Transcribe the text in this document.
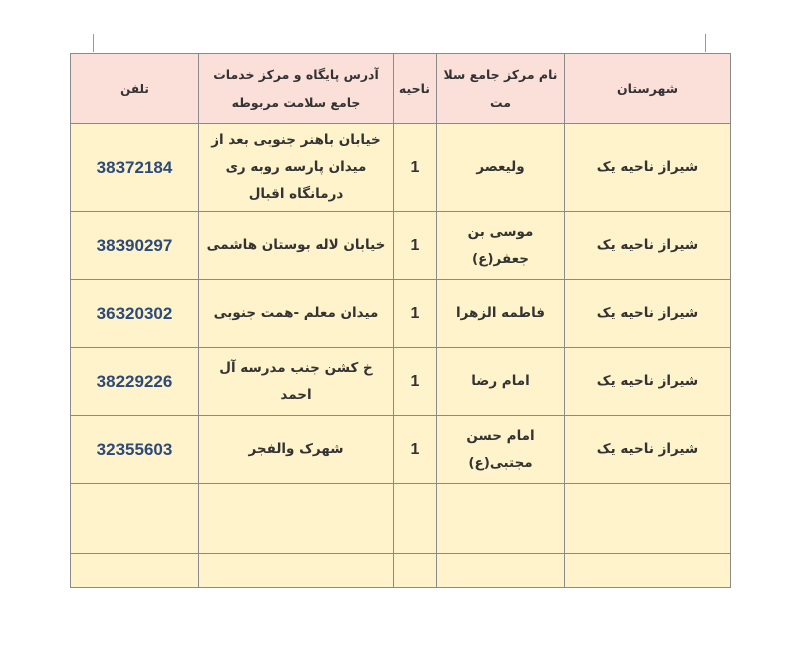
شهرستان	نام مرکز جامع سلا مت	ناحیه	آدرس پایگاه و مرکز خدمات جامع سلامت مربوطه	تلفن
شیراز ناحیه یک	ولیعصر	1	خیابان باهنر جنوبی بعد از میدان پارسه روبه ری درمانگاه اقبال	38372184
شیراز ناحیه یک	موسی بن جعفر(ع)	1	خیابان لاله بوستان هاشمی	38390297
شیراز ناحیه یک	فاطمه الزهرا	1	میدان معلم -همت جنوبی	36320302
شیراز ناحیه یک	امام رضا	1	خ کشن جنب مدرسه آل احمد	38229226
شیراز ناحیه یک	امام حسن مجتبی(ع)	1	شهرک والفجر	32355603
